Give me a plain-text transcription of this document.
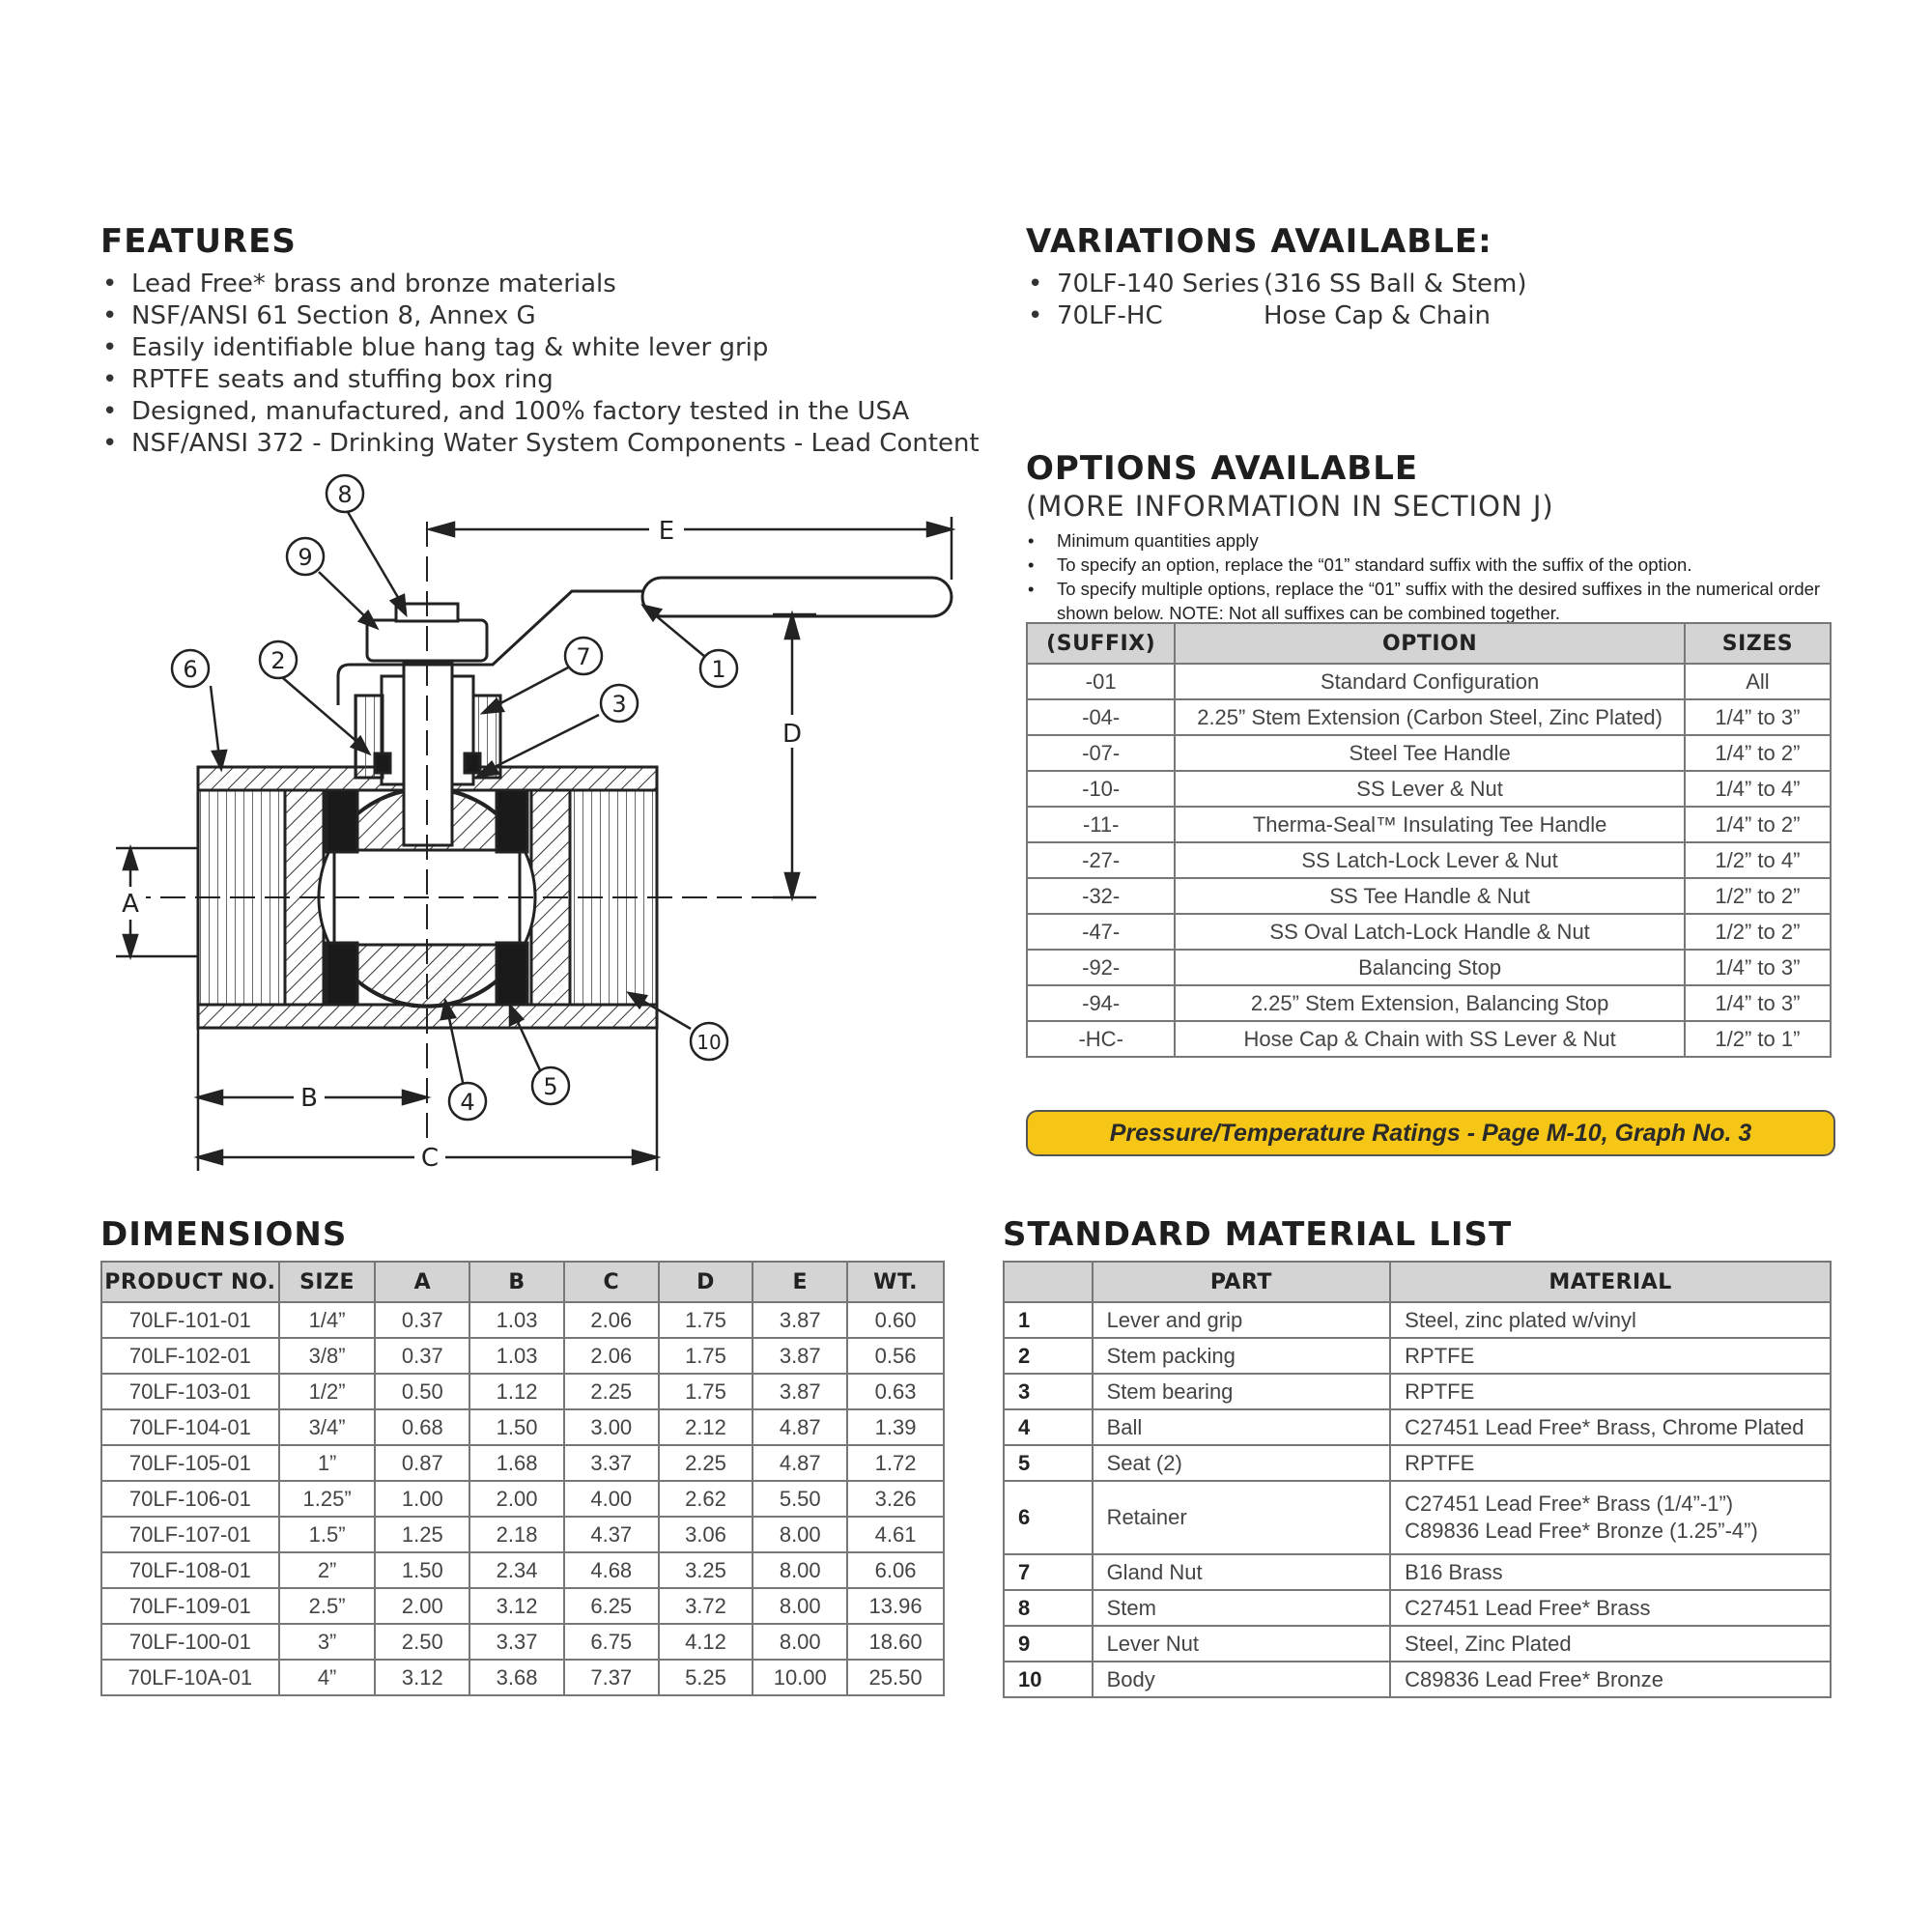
FEATURES
• Lead Free* brass and bronze materials
• NSF/ANSI 61 Section 8, Annex G
• Easily identifiable blue hang tag & white lever grip
• RPTFE seats and stuffing box ring
• Designed, manufactured, and 100% factory tested in the USA
• NSF/ANSI 372 - Drinking Water System Components - Lead Content
VARIATIONS AVAILABLE:
• 70LF-140 Series (316 SS Ball & Stem)
• 70LF-HC	Hose Cap & Chain
OPTIONS AVAILABLE
(MORE INFORMATION IN SECTION J)
• Minimum quantities apply
• To specify an option, replace the “01” standard suffix with the suffix of the option.
• To specify multiple options, replace the “01” suffix with the desired suffixes in the numerical order shown below. NOTE: Not all suffixes can be combined together.
(SUFFIX)	OPTION	SIZES
-01	Standard Configuration	All
-04-	2.25” Stem Extension (Carbon Steel, Zinc Plated)	1/4” to 3”
-07-	Steel Tee Handle	1/4” to 2”
-10-	SS Lever & Nut	1/4” to 4”
-11-	Therma-Seal™ Insulating Tee Handle	1/4” to 2”
-27-	SS Latch-Lock Lever & Nut	1/2” to 4”
-32-	SS Tee Handle & Nut	1/2” to 2”
-47-	SS Oval Latch-Lock Handle & Nut	1/2” to 2”
-92-	Balancing Stop	1/4” to 3”
-94-	2.25” Stem Extension, Balancing Stop	1/4” to 3”
-HC-	Hose Cap & Chain with SS Lever & Nut	1/2” to 1”
Pressure/Temperature Ratings - Page M-10, Graph No. 3
E
D
A
B
C
1
2
3
4
5
6	7
8
9
10
DIMENSIONS
PRODUCT NO.	SIZE	A	B	C	D	E	WT.
70LF-101-01	1/4”	0.37	1.03	2.06	1.75	3.87	0.60
70LF-102-01	3/8”	0.37	1.03	2.06	1.75	3.87	0.56
70LF-103-01	1/2”	0.50	1.12	2.25	1.75	3.87	0.63
70LF-104-01	3/4”	0.68	1.50	3.00	2.12	4.87	1.39
70LF-105-01	1”	0.87	1.68	3.37	2.25	4.87	1.72
70LF-106-01	1.25”	1.00	2.00	4.00	2.62	5.50	3.26
70LF-107-01	1.5”	1.25	2.18	4.37	3.06	8.00	4.61
70LF-108-01	2”	1.50	2.34	4.68	3.25	8.00	6.06
70LF-109-01	2.5”	2.00	3.12	6.25	3.72	8.00	13.96
70LF-100-01	3”	2.50	3.37	6.75	4.12	8.00	18.60
70LF-10A-01	4”	3.12	3.68	7.37	5.25	10.00	25.50
STANDARD MATERIAL LIST
	PART	MATERIAL
1	Lever and grip	Steel, zinc plated w/vinyl

2	Stem packing	RPTFE

3	Stem bearing	RPTFE

4	Ball	C27451 Lead Free* Brass, Chrome Plated

5	Seat (2)	RPTFE

6	Retainer	C27451 Lead Free* Brass (1/4”-1”)
C89836 Lead Free* Bronze (1.25”-4”)

7	Gland Nut	B16 Brass

8	Stem	C27451 Lead Free* Brass

9	Lever Nut	Steel, Zinc Plated

10	Body	C89836 Lead Free* Bronze
